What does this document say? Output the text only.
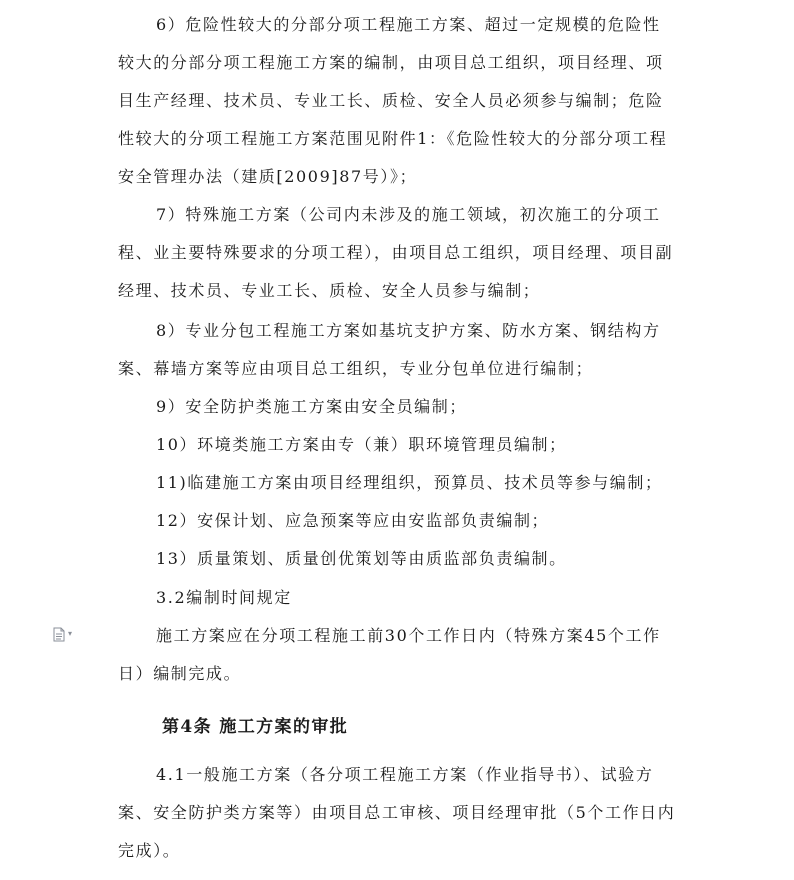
6）危险性较大的分部分项工程施工方案、超过一定规模的危险性较大的分部分项工程施工方案的编制，由项目总工组织，项目经理、项目生产经理、技术员、专业工长、质检、安全人员必须参与编制；危险性较大的分项工程施工方案范围见附件1：《危险性较大的分部分项工程安全管理办法（建质[2009]87号）》；
7）特殊施工方案（公司内未涉及的施工领域，初次施工的分项工程、业主要特殊要求的分项工程），由项目总工组织，项目经理、项目副经理、技术员、专业工长、质检、安全人员参与编制；
8）专业分包工程施工方案如基坑支护方案、防水方案、钢结构方案、幕墙方案等应由项目总工组织，专业分包单位进行编制；
9）安全防护类施工方案由安全员编制；
10）环境类施工方案由专（兼）职环境管理员编制；
11)临建施工方案由项目经理组织，预算员、技术员等参与编制；
12）安保计划、应急预案等应由安监部负责编制；
13）质量策划、质量创优策划等由质监部负责编制。
3.2编制时间规定
▾	施工方案应在分项工程施工前30个工作日内（特殊方案45个工作日）编制完成。
第4条 施工方案的审批
4.1一般施工方案（各分项工程施工方案（作业指导书）、试验方案、安全防护类方案等）由项目总工审核、项目经理审批（5个工作日内完成）。
